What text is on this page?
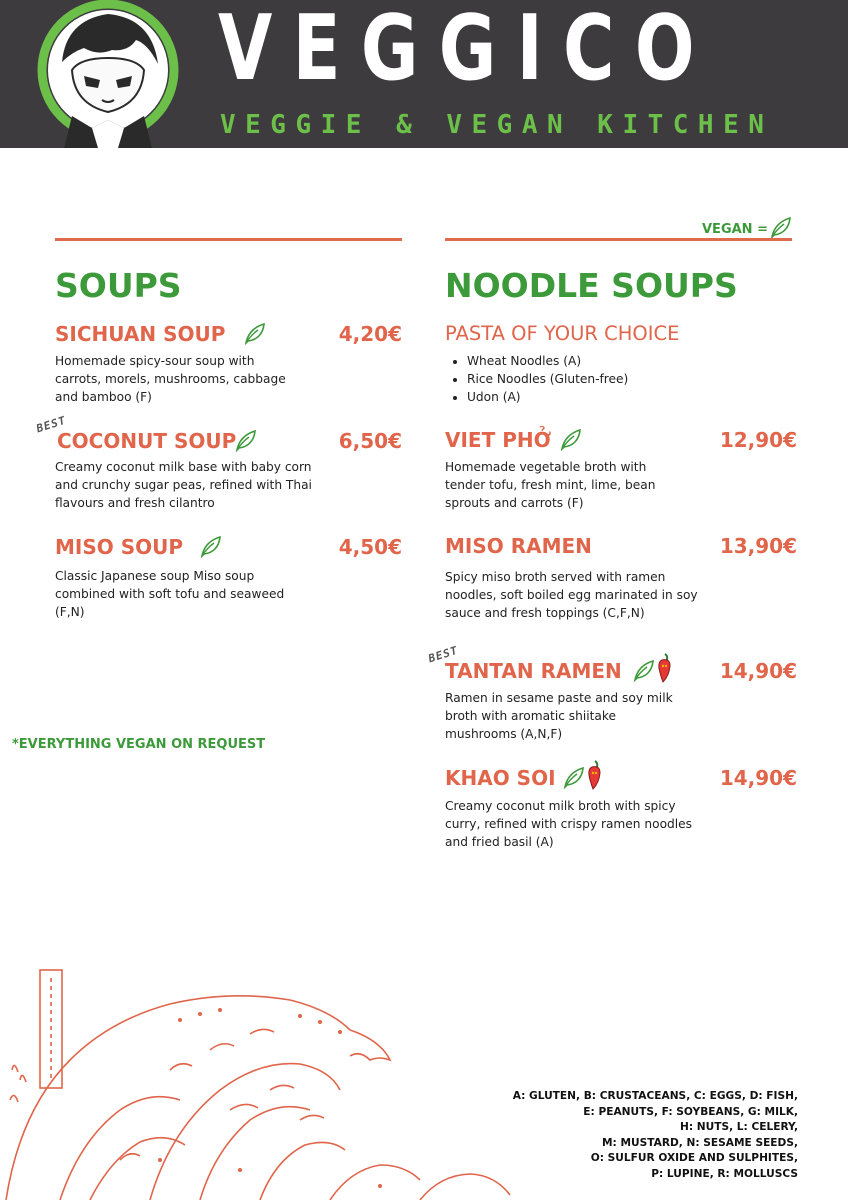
VEGGICO
VEGGIE & VEGAN KITCHEN
VEGAN =
SOUPS
SICHUAN SOUP	4,20€
Homemade spicy-sour soup with
carrots, morels, mushrooms, cabbage
and bamboo (F)
BEST
COCONUT SOUP	6,50€
Creamy coconut milk base with baby corn
and crunchy sugar peas, refined with Thai
flavours and fresh cilantro
MISO SOUP	4,50€
Classic Japanese soup Miso soup
combined with soft tofu and seaweed
(F,N)
*EVERYTHING VEGAN ON REQUEST
NOODLE SOUPS
PASTA OF YOUR CHOICE
• Wheat Noodles (A)
• Rice Noodles (Gluten-free)
• Udon (A)
VIET PHỞ	12,90€
Homemade vegetable broth with
tender tofu, fresh mint, lime, bean
sprouts and carrots (F)
MISO RAMEN	13,90€
Spicy miso broth served with ramen
noodles, soft boiled egg marinated in soy
sauce and fresh toppings (C,F,N)
BEST
TANTAN RAMEN	14,90€
Ramen in sesame paste and soy milk
broth with aromatic shiitake
mushrooms (A,N,F)
KHAO SOI	14,90€
Creamy coconut milk broth with spicy
curry, refined with crispy ramen noodles
and fried basil (A)
A: GLUTEN, B: CRUSTACEANS, C: EGGS, D: FISH,
E: PEANUTS, F: SOYBEANS, G: MILK,
H: NUTS, L: CELERY,
M: MUSTARD, N: SESAME SEEDS,
O: SULFUR OXIDE AND SULPHITES,
P: LUPINE, R: MOLLUSCS
